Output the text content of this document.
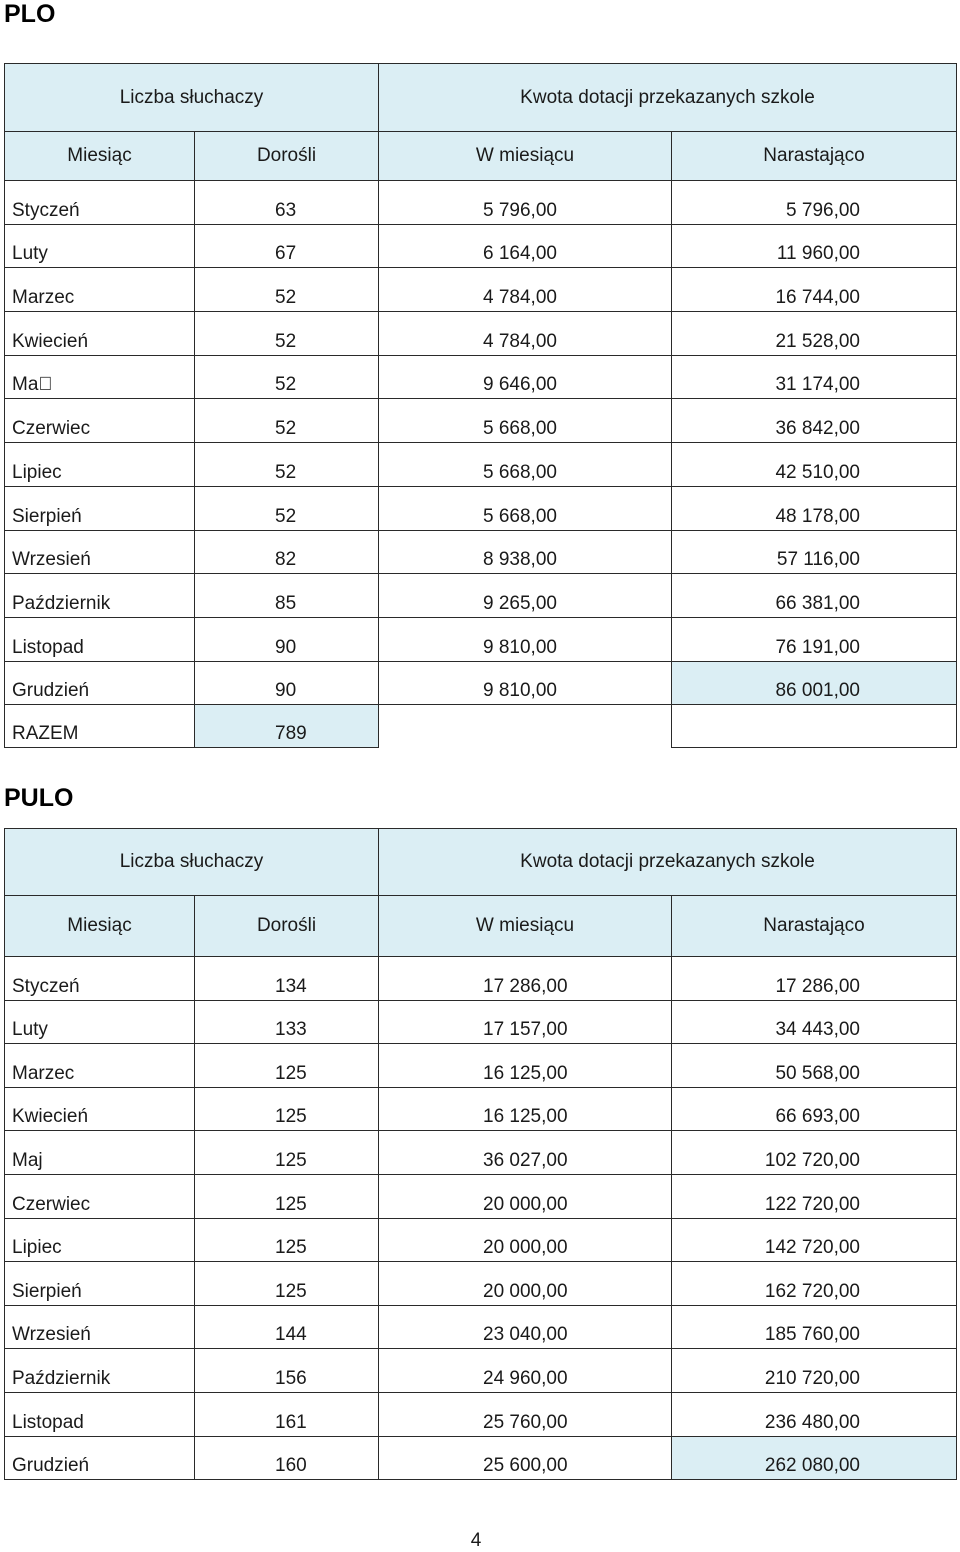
PLO
Liczba słuchaczy		Kwota dotacji przekazanych szkole	
Miesiąc	Dorośli	W miesiącu	Narastająco
Styczeń	63	5 796,00	5 796,00
Luty	67	6 164,00	11 960,00
Marzec	52	4 784,00	16 744,00
Kwiecień	52	4 784,00	21 528,00
Ma	52	9 646,00	31 174,00
Czerwiec	52	5 668,00	36 842,00
Lipiec	52	5 668,00	42 510,00
Sierpień	52	5 668,00	48 178,00
Wrzesień	82	8 938,00	57 116,00
Październik	85	9 265,00	66 381,00
Listopad	90	9 810,00	76 191,00
Grudzień	90	9 810,00	86 001,00
RAZEM	789		
PULO
Liczba słuchaczy		Kwota dotacji przekazanych szkole	
Miesiąc	Dorośli	W miesiącu	Narastająco
Styczeń	134	17 286,00	17 286,00
Luty	133	17 157,00	34 443,00
Marzec	125	16 125,00	50 568,00
Kwiecień	125	16 125,00	66 693,00
Maj	125	36 027,00	102 720,00
Czerwiec	125	20 000,00	122 720,00
Lipiec	125	20 000,00	142 720,00
Sierpień	125	20 000,00	162 720,00
Wrzesień	144	23 040,00	185 760,00
Październik	156	24 960,00	210 720,00
Listopad	161	25 760,00	236 480,00
Grudzień	160	25 600,00	262 080,00
4
